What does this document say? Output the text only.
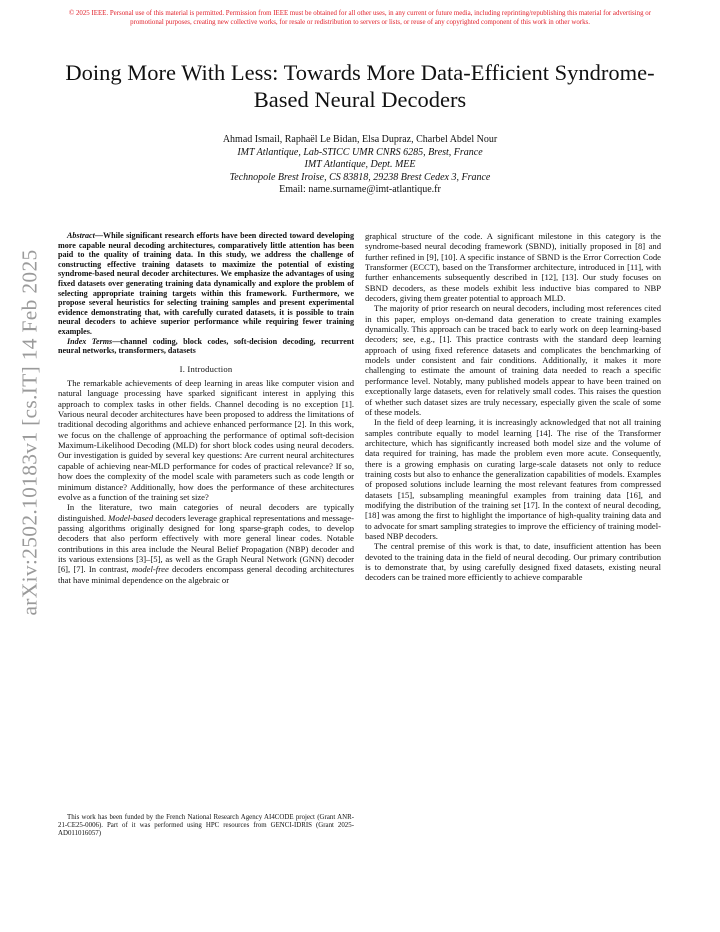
© 2025 IEEE. Personal use of this material is permitted. Permission from IEEE must be obtained for all other uses, in any current or future media, including reprinting/republishing this material for advertising or promotional purposes, creating new collective works, for resale or redistribution to servers or lists, or reuse of any copyrighted component of this work in other works.
Doing More With Less: Towards More Data-Efficient Syndrome-Based Neural Decoders
Ahmad Ismail, Raphaël Le Bidan, Elsa Dupraz, Charbel Abdel Nour
IMT Atlantique, Lab-STICC UMR CNRS 6285, Brest, France
IMT Atlantique, Dept. MEE
Technopole Brest Iroise, CS 83818, 29238 Brest Cedex 3, France
Email: name.surname@imt-atlantique.fr
arXiv:2502.10183v1 [cs.IT] 14 Feb 2025

Abstract—While significant research efforts have been directed toward developing more capable neural decoding architectures, comparatively little attention has been paid to the quality of training data. In this study, we address the challenge of constructing effective training datasets to maximize the potential of existing syndrome-based neural decoder architectures. We emphasize the advantages of using fixed datasets over generating training data dynamically and explore the problem of selecting appropriate training targets within this framework. Furthermore, we propose several heuristics for selecting training samples and present experimental evidence demonstrating that, with carefully curated datasets, it is possible to train neural decoders to achieve superior performance while requiring fewer training examples.

Index Terms—channel coding, block codes, soft-decision decoding, recurrent neural networks, transformers, datasets

I. Introduction

The remarkable achievements of deep learning in areas like computer vision and natural language processing have sparked significant interest in applying this approach to complex tasks in other fields. Channel decoding is no exception [1]. Various neural decoder architectures have been proposed to address the limitations of traditional decoding algorithms and achieve enhanced performance [2]. In this work, we focus on the challenge of approaching the performance of optimal soft-decision Maximum-Likelihood Decoding (MLD) for short block codes using neural decoders. Our investigation is guided by several key questions: Are current neural architectures capable of achieving near-MLD performance for codes of practical relevance? If so, how does the complexity of the model scale with parameters such as code length or minimum distance? Additionally, how does the performance of these architectures evolve as a function of the training set size?

In the literature, two main categories of neural decoders are typically distinguished. Model-based decoders leverage graphical representations and message-passing algorithms originally designed for long sparse-graph codes, to develop decoders that also perform effectively with more general linear codes. Notable contributions in this area include the Neural Belief Propagation (NBP) decoder and its various extensions [3]–[5], as well as the Graph Neural Network (GNN) decoder [6], [7]. In contrast, model-free decoders encompass general decoding architectures that have minimal dependence on the algebraic or

This work has been funded by the French National Research Agency AI4CODE project (Grant ANR-21-CE25-0006). Part of it was performed using HPC resources from GENCI-IDRIS (Grant 2025-AD011016057)

graphical structure of the code. A significant milestone in this category is the syndrome-based neural decoding framework (SBND), initially proposed in [8] and further refined in [9], [10]. A specific instance of SBND is the Error Correction Code Transformer (ECCT), based on the Transformer architecture, introduced in [11], with further enhancements subsequently described in [12], [13]. Our study focuses on SBND decoders, as these models exhibit less inductive bias compared to NBP decoders, giving them greater potential to approach MLD.

The majority of prior research on neural decoders, including most references cited in this paper, employs on-demand data generation to create training examples dynamically. This approach can be traced back to early work on deep learning-based decoders; see, e.g., [1]. This practice contrasts with the standard deep learning approach of using fixed reference datasets and complicates the benchmarking of models under consistent and fair conditions. Additionally, it makes it more challenging to estimate the amount of training data needed to reach a specific performance level. Notably, many published models appear to have been trained on exceptionally large datasets, even for relatively small codes. This raises the question of whether such dataset sizes are truly necessary, especially given the scale of some of these models.

In the field of deep learning, it is increasingly acknowledged that not all training samples contribute equally to model learning [14]. The rise of the Transformer architecture, which has significantly increased both model size and the volume of data required for training, has made the problem even more acute. Consequently, there is a growing emphasis on curating large-scale datasets not only to reduce training costs but also to enhance the generalization capabilities of models. Examples of proposed solutions include learning the most relevant features from compressed datasets [15], subsampling meaningful examples from training data [16], and modifying the distribution of the training set [17]. In the context of neural decoding, [18] was among the first to highlight the importance of high-quality training data and to advocate for smart sampling strategies to improve the efficiency of training model-based NBP decoders.

The central premise of this work is that, to date, insufficient attention has been devoted to the training data in the field of neural decoding. Our primary contribution is to demonstrate that, by using carefully designed fixed datasets, existing neural decoders can be trained more efficiently to achieve comparable
